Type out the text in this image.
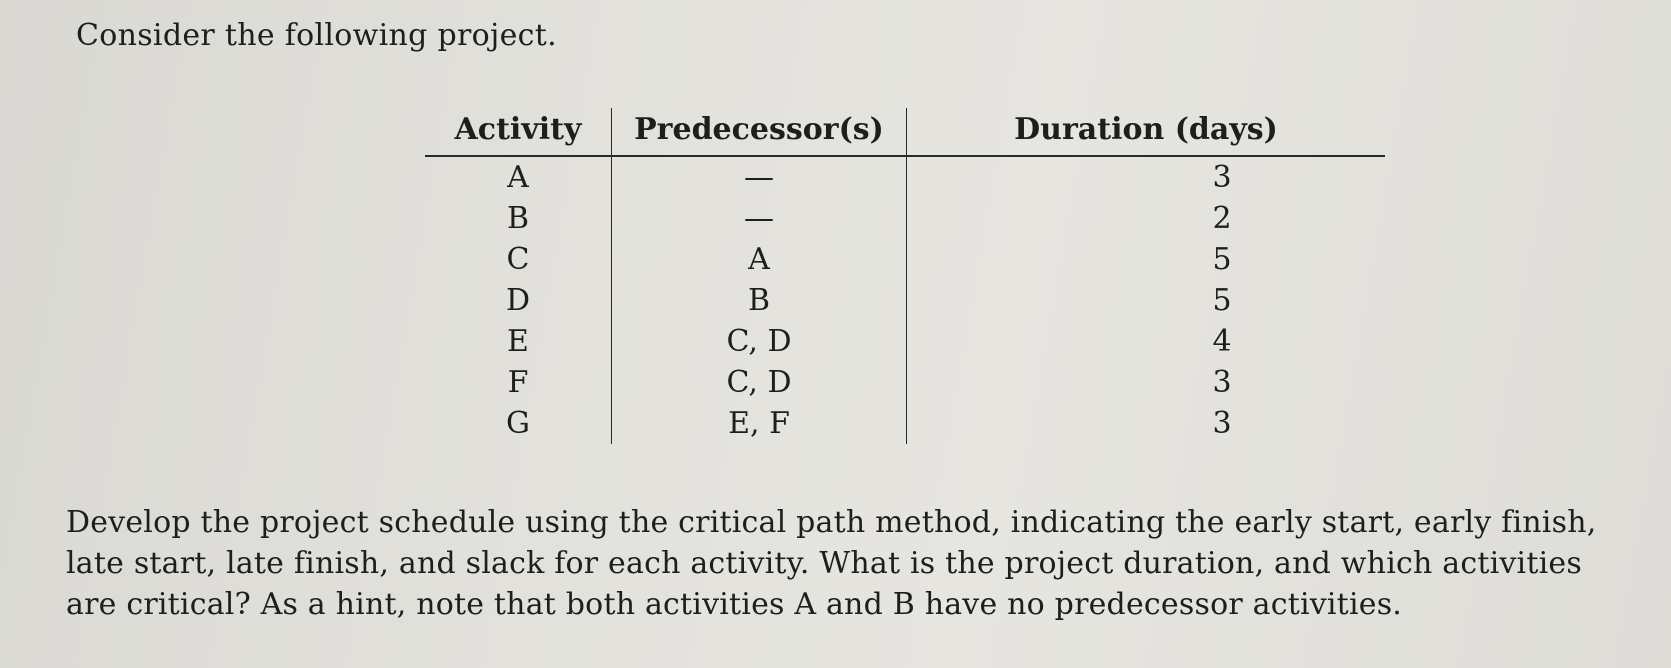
Consider the following project.
Activity	Predecessor(s)	Duration (days)
A	—	3
B	—	2
C	A	5
D	B	5
E	C, D	4
F	C, D	3
G	E, F	3
Develop the project schedule using the critical path method, indicating the early start, early finish, late start, late finish, and slack for each activity. What is the project duration, and which activities are critical? As a hint, note that both activities A and B have no predecessor activities.
